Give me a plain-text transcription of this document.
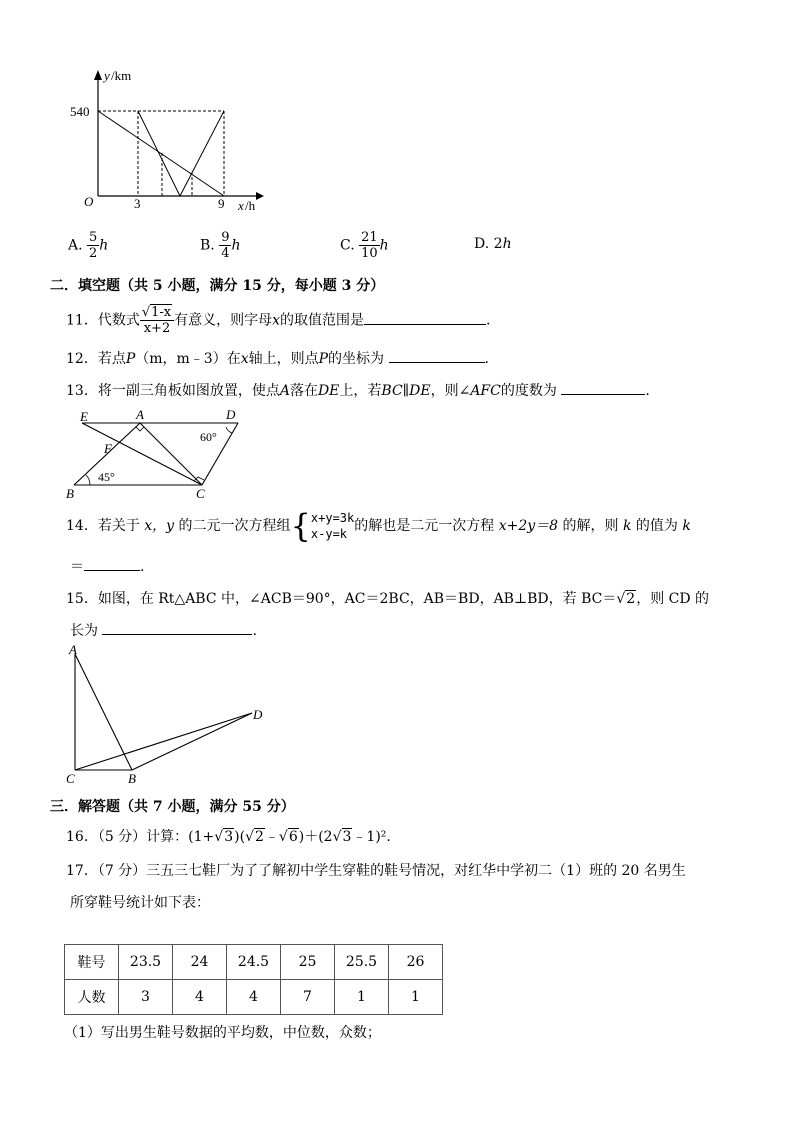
y /km
540
O	3	9 x /h
A. $\frac{5}{2}$ h	B. $\frac{9}{4}$ h	C. $\frac{21}{10}$ h	D. 2h
二．填空题（共 5 小题，满分 15 分，每小题 3 分）
11．代数式 $\frac{√1-x}{x+2}$ 有意义，则字母x的取值范围是	.
12．若点P（m，m﹣3）在x轴上，则点P的坐标为	.
13．将一副三角板如图放置，使点A落在DE上，若BC∥DE，则∠AFC的度数为	.
E	A	D
F
B	C
60°
45°
14．若关于 x，y 的二元一次方程组{ x+y=3k
x-y=k 的解也是二元一次方程 x+2y＝8 的解，则 k 的值为 k
＝	.
15．如图，在 Rt△ABC 中，∠ACB＝90°，AC＝2BC，AB＝BD，AB⊥BD，若 BC＝√2，则 CD 的
长为	.
A
C	B
D
三．解答题（共 7 小题，满分 55 分）
16．（5 分）计算：(1+√3)(√2﹣√6)＋(2√3﹣1)².
17．（7 分）三五三七鞋厂为了了解初中学生穿鞋的鞋号情况，对红华中学初二（1）班的 20 名男生
所穿鞋号统计如下表：
鞋号	23.5	24	24.5	25	25.5	26
人数	3	4	4	7	1	1
（1）写出男生鞋号数据的平均数，中位数，众数；
